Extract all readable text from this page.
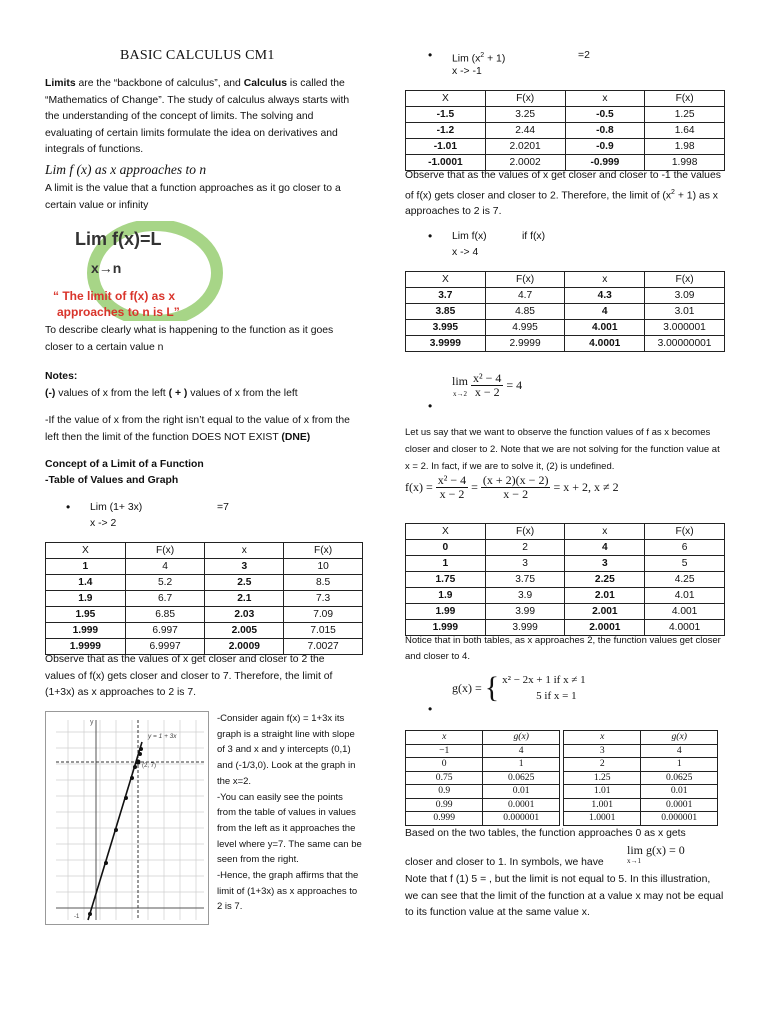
BASIC CALCULUS CM1
Limits are the “backbone of calculus”, and Calculus is called the “Mathematics of Change”. The study of calculus always starts with the understanding of the concept of limits. The solving and evaluating of certain limits formulate the idea on derivatives and integrals of functions.
Lim f (x) as x approaches to n
A limit is the value that a function approaches as it go closer to a certain value or infinity
Lim f(x)=L
x→n
“ The limit of f(x) as x
approaches to n is L”
To describe clearly what is happening to the function as it goes closer to a certain value n
Notes:
(-) values of x from the left ( + ) values of x from the left
-If the value of x from the right isn’t equal to the value of x from the left then the limit of the function DOES NOT EXIST (DNE)
Concept of a Limit of a Function
-Table of Values and Graph
• Lim (1+ 3x)	=7
x -> 2
X	F(x)	x	F(x)
1	4	3	10
1.4	5.2	2.5	8.5
1.9	6.7	2.1	7.3
1.95	6.85	2.03	7.09
1.999	6.997	2.005	7.015
1.9999	6.9997	2.0009	7.0027
Observe that as the values of x get closer and closer to 2 the values of f(x) gets closer and closer to 7. Therefore, the limit of (1+3x) as x approaches to 2 is 7.
y
y = 1 + 3x
(2, 7)
-1
-Consider again f(x) = 1+3x its graph is a straight line with slope of 3 and x and y intercepts (0,1) and (-1/3,0). Look at the graph in the x=2.
-You can easily see the points from the table of values in values from the left as it approaches the level where y=7. The same can be seen from the right.
-Hence, the graph affirms that the limit of (1+3x) as x approaches to 2 is 7.
• Lim $(x^2 + 1)$	=2
x -> -1
X	F(x)	x	F(x)
-1.5	3.25	-0.5	1.25
-1.2	2.44	-0.8	1.64
-1.01	2.0201	-0.9	1.98
-1.0001	2.0002	-0.999	1.998
Observe that as the values of x get closer and closer to -1 the values of f(x) gets closer and closer to 2. Therefore, the limit of $(x^2 + 1)$ as x approaches to 2 is 7.
• Lim f(x)	if f(x)
x -> 4
X	F(x)	x	F(x)
3.7	4.7	4.3	3.09
3.85	4.85	4	3.01
3.995	4.995	4.001	3.000001
3.9999	2.9999	4.0001	3.00000001
•
lim
$x\to 2 \frac{\text{x² − 4}}{x - 2} = 4$
Let us say that we want to observe the function values of f as x becomes closer and closer to 2. Note that we are not solving for the function value at x = 2. In fact, if we are to solve it, (2) is undefined.
$f(x) = \frac{\text{x² − 4}}{x - 2} = \frac{(x + 2)(x - 2)}{x - 2} = x + 2$, x ≠ 2
X	F(x)	x	F(x)
0	2	4	6
1	3	3	5
1.75	3.75	2.25	4.25
1.9	3.9	2.01	4.01
1.99	3.99	2.001	4.001
1.999	3.999	2.0001	4.0001
Notice that in both tables, as x approaches 2, the function values get closer and closer to 4.
•
g(x) = { x² − 2x + 1 if x ≠ 1
5 if x = 1
x	g(x)
−1	4
0	1
0.75	0.0625
0.9	0.01
0.99	0.0001
0.999	0.000001
x	g(x)
3	4
2	1
1.25	0.0625
1.01	0.01
1.001	0.0001
1.0001	0.000001
Based on the two tables, the function approaches 0 as x gets
closer and closer to 1. In symbols, we have
lim g(x) = 0
x→1
Note that f (1) 5 = , but the limit is not equal to 5. In this illustration, we can see that the limit of the function at a value x may not be equal to its function value at the same value x.
